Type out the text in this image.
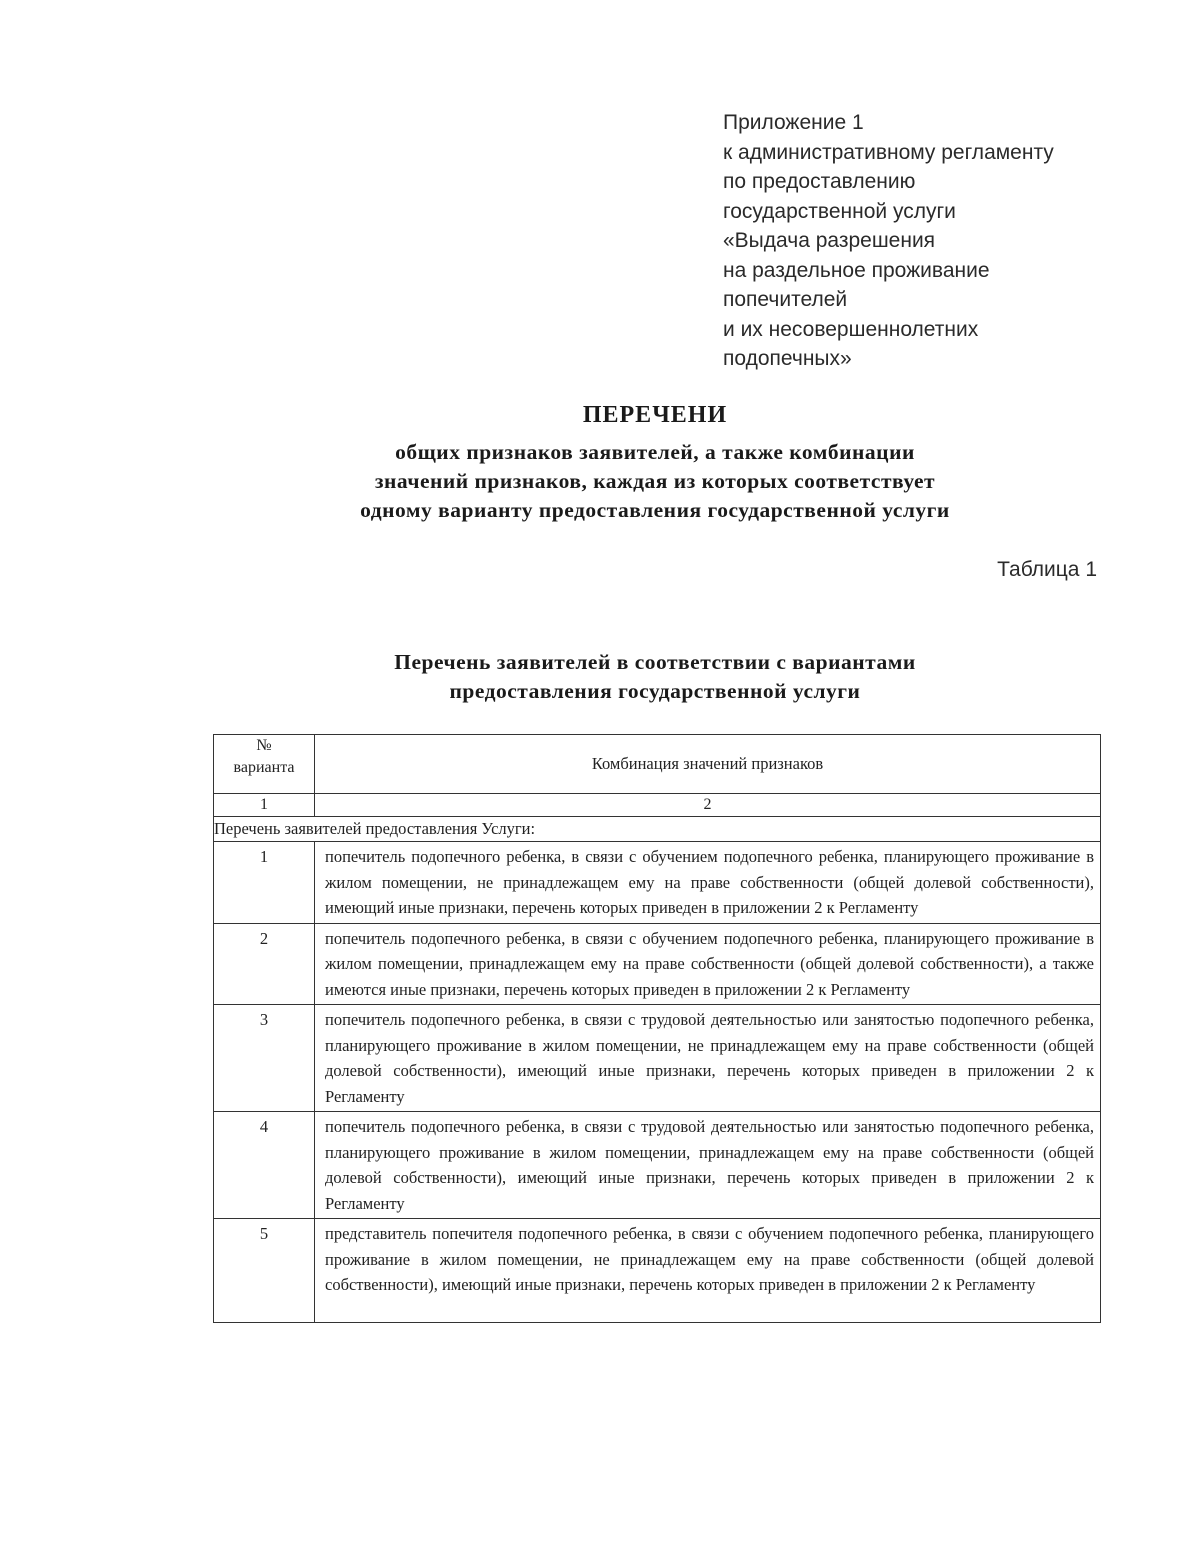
Приложение 1
к административному регламенту
по предоставлению
государственной услуги
«Выдача разрешения
на раздельное проживание
попечителей
и их несовершеннолетних
подопечных»
ПЕРЕЧЕНИ
общих признаков заявителей, а также комбинации
значений признаков, каждая из которых соответствует
одному варианту предоставления государственной услуги
Таблица 1
Перечень заявителей в соответствии с вариантами
предоставления государственной услуги
№
варианта	Комбинация значений признаков
1	2
Перечень заявителей предоставления Услуги:	
1	попечитель подопечного ребенка, в связи с обучением подопечного ребенка, планирующего проживание в жилом помещении, не принадлежащем ему на праве собственности (общей долевой собственности), имеющий иные признаки, перечень которых приведен в приложении 2 к Регламенту
2	попечитель подопечного ребенка, в связи с обучением подопечного ребенка, планирующего проживание в жилом помещении, принадлежащем ему на праве собственности (общей долевой собственности), а также имеются иные признаки, перечень которых приведен в приложении 2 к Регламенту
3	попечитель подопечного ребенка, в связи с трудовой деятельностью или занятостью подопечного ребенка, планирующего проживание в жилом помещении, не принадлежащем ему на праве собственности (общей долевой собственности), имеющий иные признаки, перечень которых приведен в приложении 2 к Регламенту
4	попечитель подопечного ребенка, в связи с трудовой деятельностью или занятостью подопечного ребенка, планирующего проживание в жилом помещении, принадлежащем ему на праве собственности (общей долевой собственности), имеющий иные признаки, перечень которых приведен в приложении 2 к Регламенту
5	представитель попечителя подопечного ребенка, в связи с обучением подопечного ребенка, планирующего проживание в жилом помещении, не принадлежащем ему на праве собственности (общей долевой собственности), имеющий иные признаки, перечень которых приведен в приложении 2 к Регламенту
